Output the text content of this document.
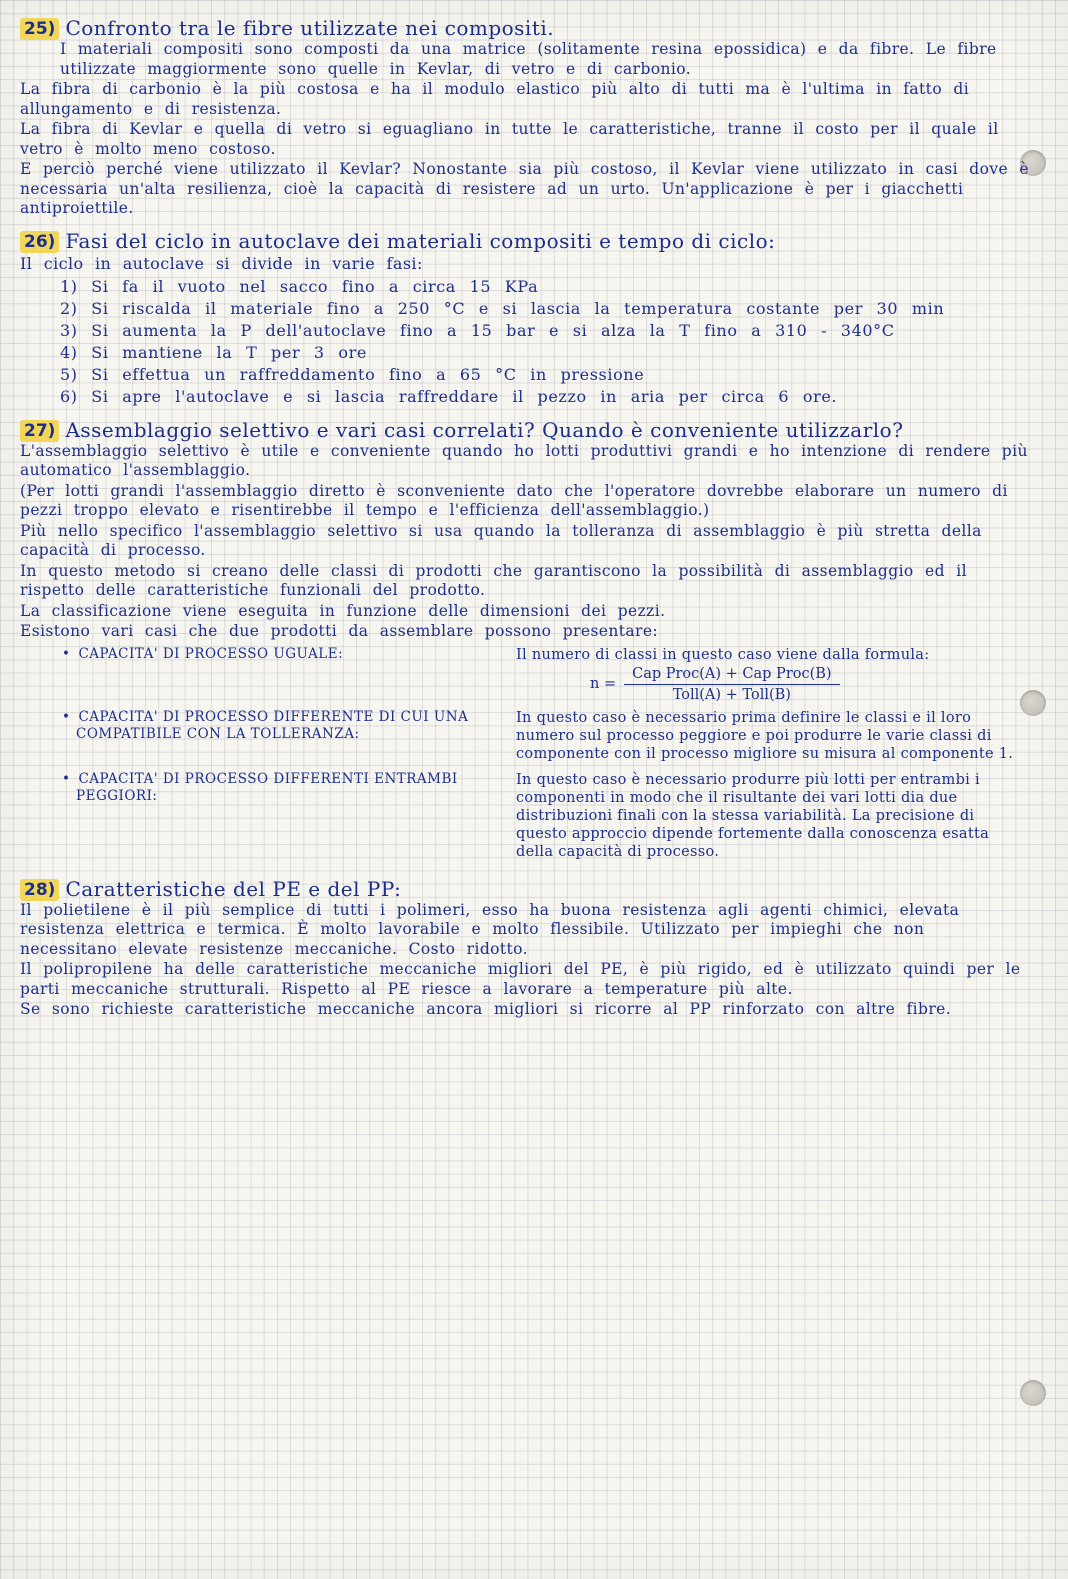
25) Confronto tra le fibre utilizzate nei compositi.

I materiali compositi sono composti da una matrice (solitamente resina epossidica) e da fibre. Le fibre utilizzate maggiormente sono quelle in Kevlar, di vetro e di carbonio.

La fibra di carbonio è la più costosa e ha il modulo elastico più alto di tutti ma è l'ultima in fatto di allungamento e di resistenza.

La fibra di Kevlar e quella di vetro si eguagliano in tutte le caratteristiche, tranne il costo per il quale il vetro è molto meno costoso.

E perciò perché viene utilizzato il Kevlar? Nonostante sia più costoso, il Kevlar viene utilizzato in casi dove è necessaria un'alta resilienza, cioè la capacità di resistere ad un urto. Un'applicazione è per i giacchetti antiproiettile.

26) Fasi del ciclo in autoclave dei materiali compositi e tempo di ciclo:

Il ciclo in autoclave si divide in varie fasi:

1) Si fa il vuoto nel sacco fino a circa 15 KPa
2) Si riscalda il materiale fino a 250 °C e si lascia la temperatura costante per 30 min
3) Si aumenta la P dell'autoclave fino a 15 bar e si alza la T fino a 310 - 340°C
4) Si mantiene la T per 3 ore
5) Si effettua un raffreddamento fino a 65 °C in pressione
6) Si apre l'autoclave e si lascia raffreddare il pezzo in aria per circa 6 ore.
27) Assemblaggio selettivo e vari casi correlati? Quando è conveniente utilizzarlo?

L'assemblaggio selettivo è utile e conveniente quando ho lotti produttivi grandi e ho intenzione di rendere più automatico l'assemblaggio.

(Per lotti grandi l'assemblaggio diretto è sconveniente dato che l'operatore dovrebbe elaborare un numero di pezzi troppo elevato e risentirebbe il tempo e l'efficienza dell'assemblaggio.)

Più nello specifico l'assemblaggio selettivo si usa quando la tolleranza di assemblaggio è più stretta della capacità di processo.

In questo metodo si creano delle classi di prodotti che garantiscono la possibilità di assemblaggio ed il rispetto delle caratteristiche funzionali del prodotto.

La classificazione viene eseguita in funzione delle dimensioni dei pezzi.

Esistono vari casi che due prodotti da assemblare possono presentare:

• CAPACITA' DI PROCESSO UGUALE:	Il numero di classi in questo caso viene dalla formula:
$n = \frac{\text{Cap Proc(A) + Cap Proc(B)}}{\text{Toll(A) + Toll(B)}}$
• CAPACITA' DI PROCESSO DIFFERENTE DI CUI UNA COMPATIBILE CON LA TOLLERANZA:
In questo caso è necessario prima definire le classi e il loro numero sul processo peggiore e poi produrre le varie classi di componente con il processo migliore su misura al componente 1.
• CAPACITA' DI PROCESSO DIFFERENTI ENTRAMBI PEGGIORI:
In questo caso è necessario produrre più lotti per entrambi i componenti in modo che il risultante dei vari lotti dia due distribuzioni finali con la stessa variabilità. La precisione di questo approccio dipende fortemente dalla conoscenza esatta della capacità di processo.
28) Caratteristiche del PE e del PP:

Il polietilene è il più semplice di tutti i polimeri, esso ha buona resistenza agli agenti chimici, elevata resistenza elettrica e termica. È molto lavorabile e molto flessibile. Utilizzato per impieghi che non necessitano elevate resistenze meccaniche. Costo ridotto.

Il polipropilene ha delle caratteristiche meccaniche migliori del PE, è più rigido, ed è utilizzato quindi per le parti meccaniche strutturali. Rispetto al PE riesce a lavorare a temperature più alte.

Se sono richieste caratteristiche meccaniche ancora migliori si ricorre al PP rinforzato con altre fibre.
